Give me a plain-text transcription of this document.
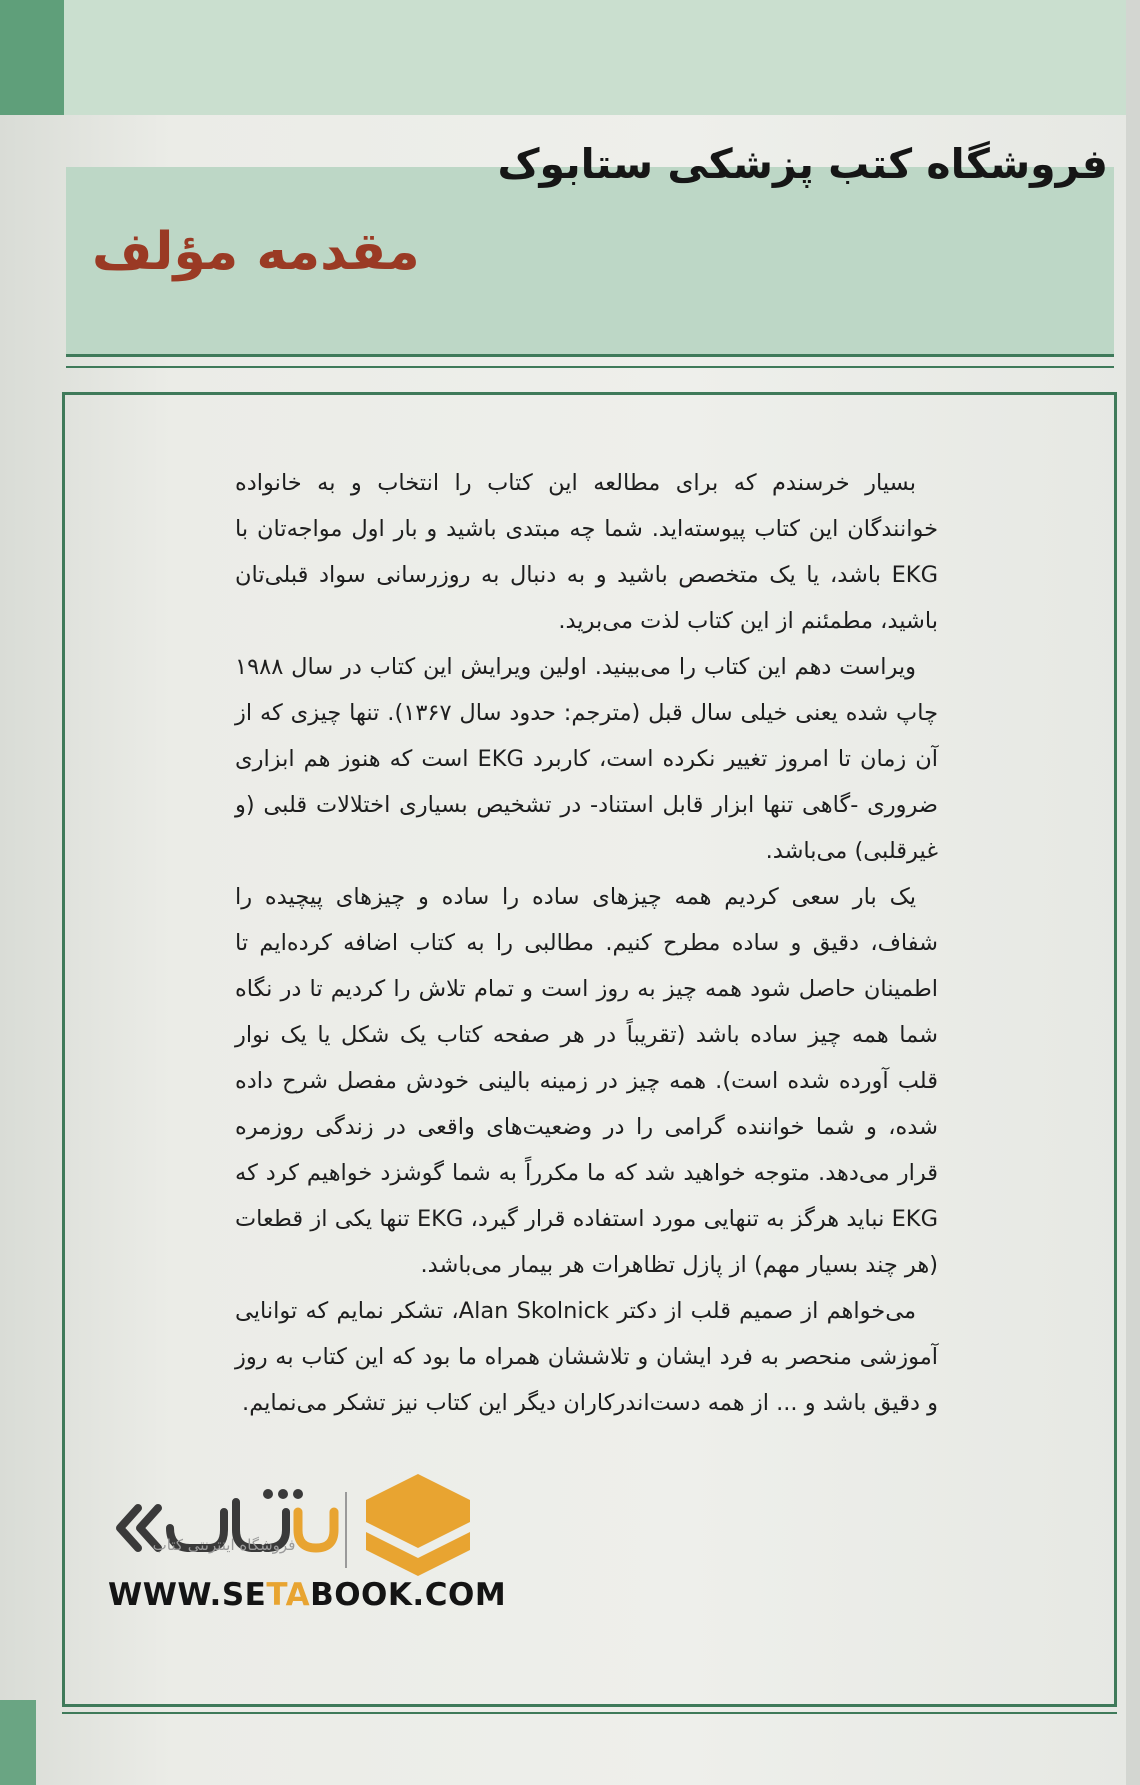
فروشگاه کتب پزشکی ستابوک
مقدمه مؤلف

بسیار خرسندم که برای مطالعه این کتاب را انتخاب و به خانواده خوانندگان این کتاب پیوسته‌اید. شما چه مبتدی باشید و بار اول مواجه‌تان با EKG باشد، یا یک متخصص باشید و به دنبال به روزرسانی سواد قبلی‌تان باشید، مطمئنم از این کتاب لذت می‌برید.

ویراست دهم این کتاب را می‌بینید. اولین ویرایش این کتاب در سال ۱۹۸۸ چاپ شده یعنی خیلی سال قبل (مترجم: حدود سال ۱۳۶۷). تنها چیزی که از آن زمان تا امروز تغییر نکرده است، کاربرد EKG است که هنوز هم ابزاری ضروری -گاهی تنها ابزار قابل استناد- در تشخیص بسیاری اختلالات قلبی (و غیرقلبی) می‌باشد.

یک بار سعی کردیم همه چیزهای ساده را ساده و چیزهای پیچیده را شفاف، دقیق و ساده مطرح کنیم. مطالبی را به کتاب اضافه کرده‌ایم تا اطمینان حاصل شود همه چیز به روز است و تمام تلاش را کردیم تا در نگاه شما همه چیز ساده باشد (تقریباً در هر صفحه کتاب یک شکل یا یک نوار قلب آورده شده است). همه چیز در زمینه بالینی خودش مفصل شرح داده شده، و شما خواننده گرامی را در وضعیت‌های واقعی در زندگی روزمره قرار می‌دهد. متوجه خواهید شد که ما مکرراً به شما گوشزد خواهیم کرد که EKG نباید هرگز به تنهایی مورد استفاده قرار گیرد، EKG تنها یکی از قطعات (هر چند بسیار مهم) از پازل تظاهرات هر بیمار می‌باشد.

می‌خواهم از صمیم قلب از دکتر Alan Skolnick، تشکر نمایم که توانایی آموزشی منحصر به فرد ایشان و تلاششان همراه ما بود که این کتاب به روز و دقیق باشد و ... از همه دست‌اندرکاران دیگر این کتاب نیز تشکر می‌نمایم.

فروشگاه اینترنتی کتاب
WWW.SETABOOK.COM
